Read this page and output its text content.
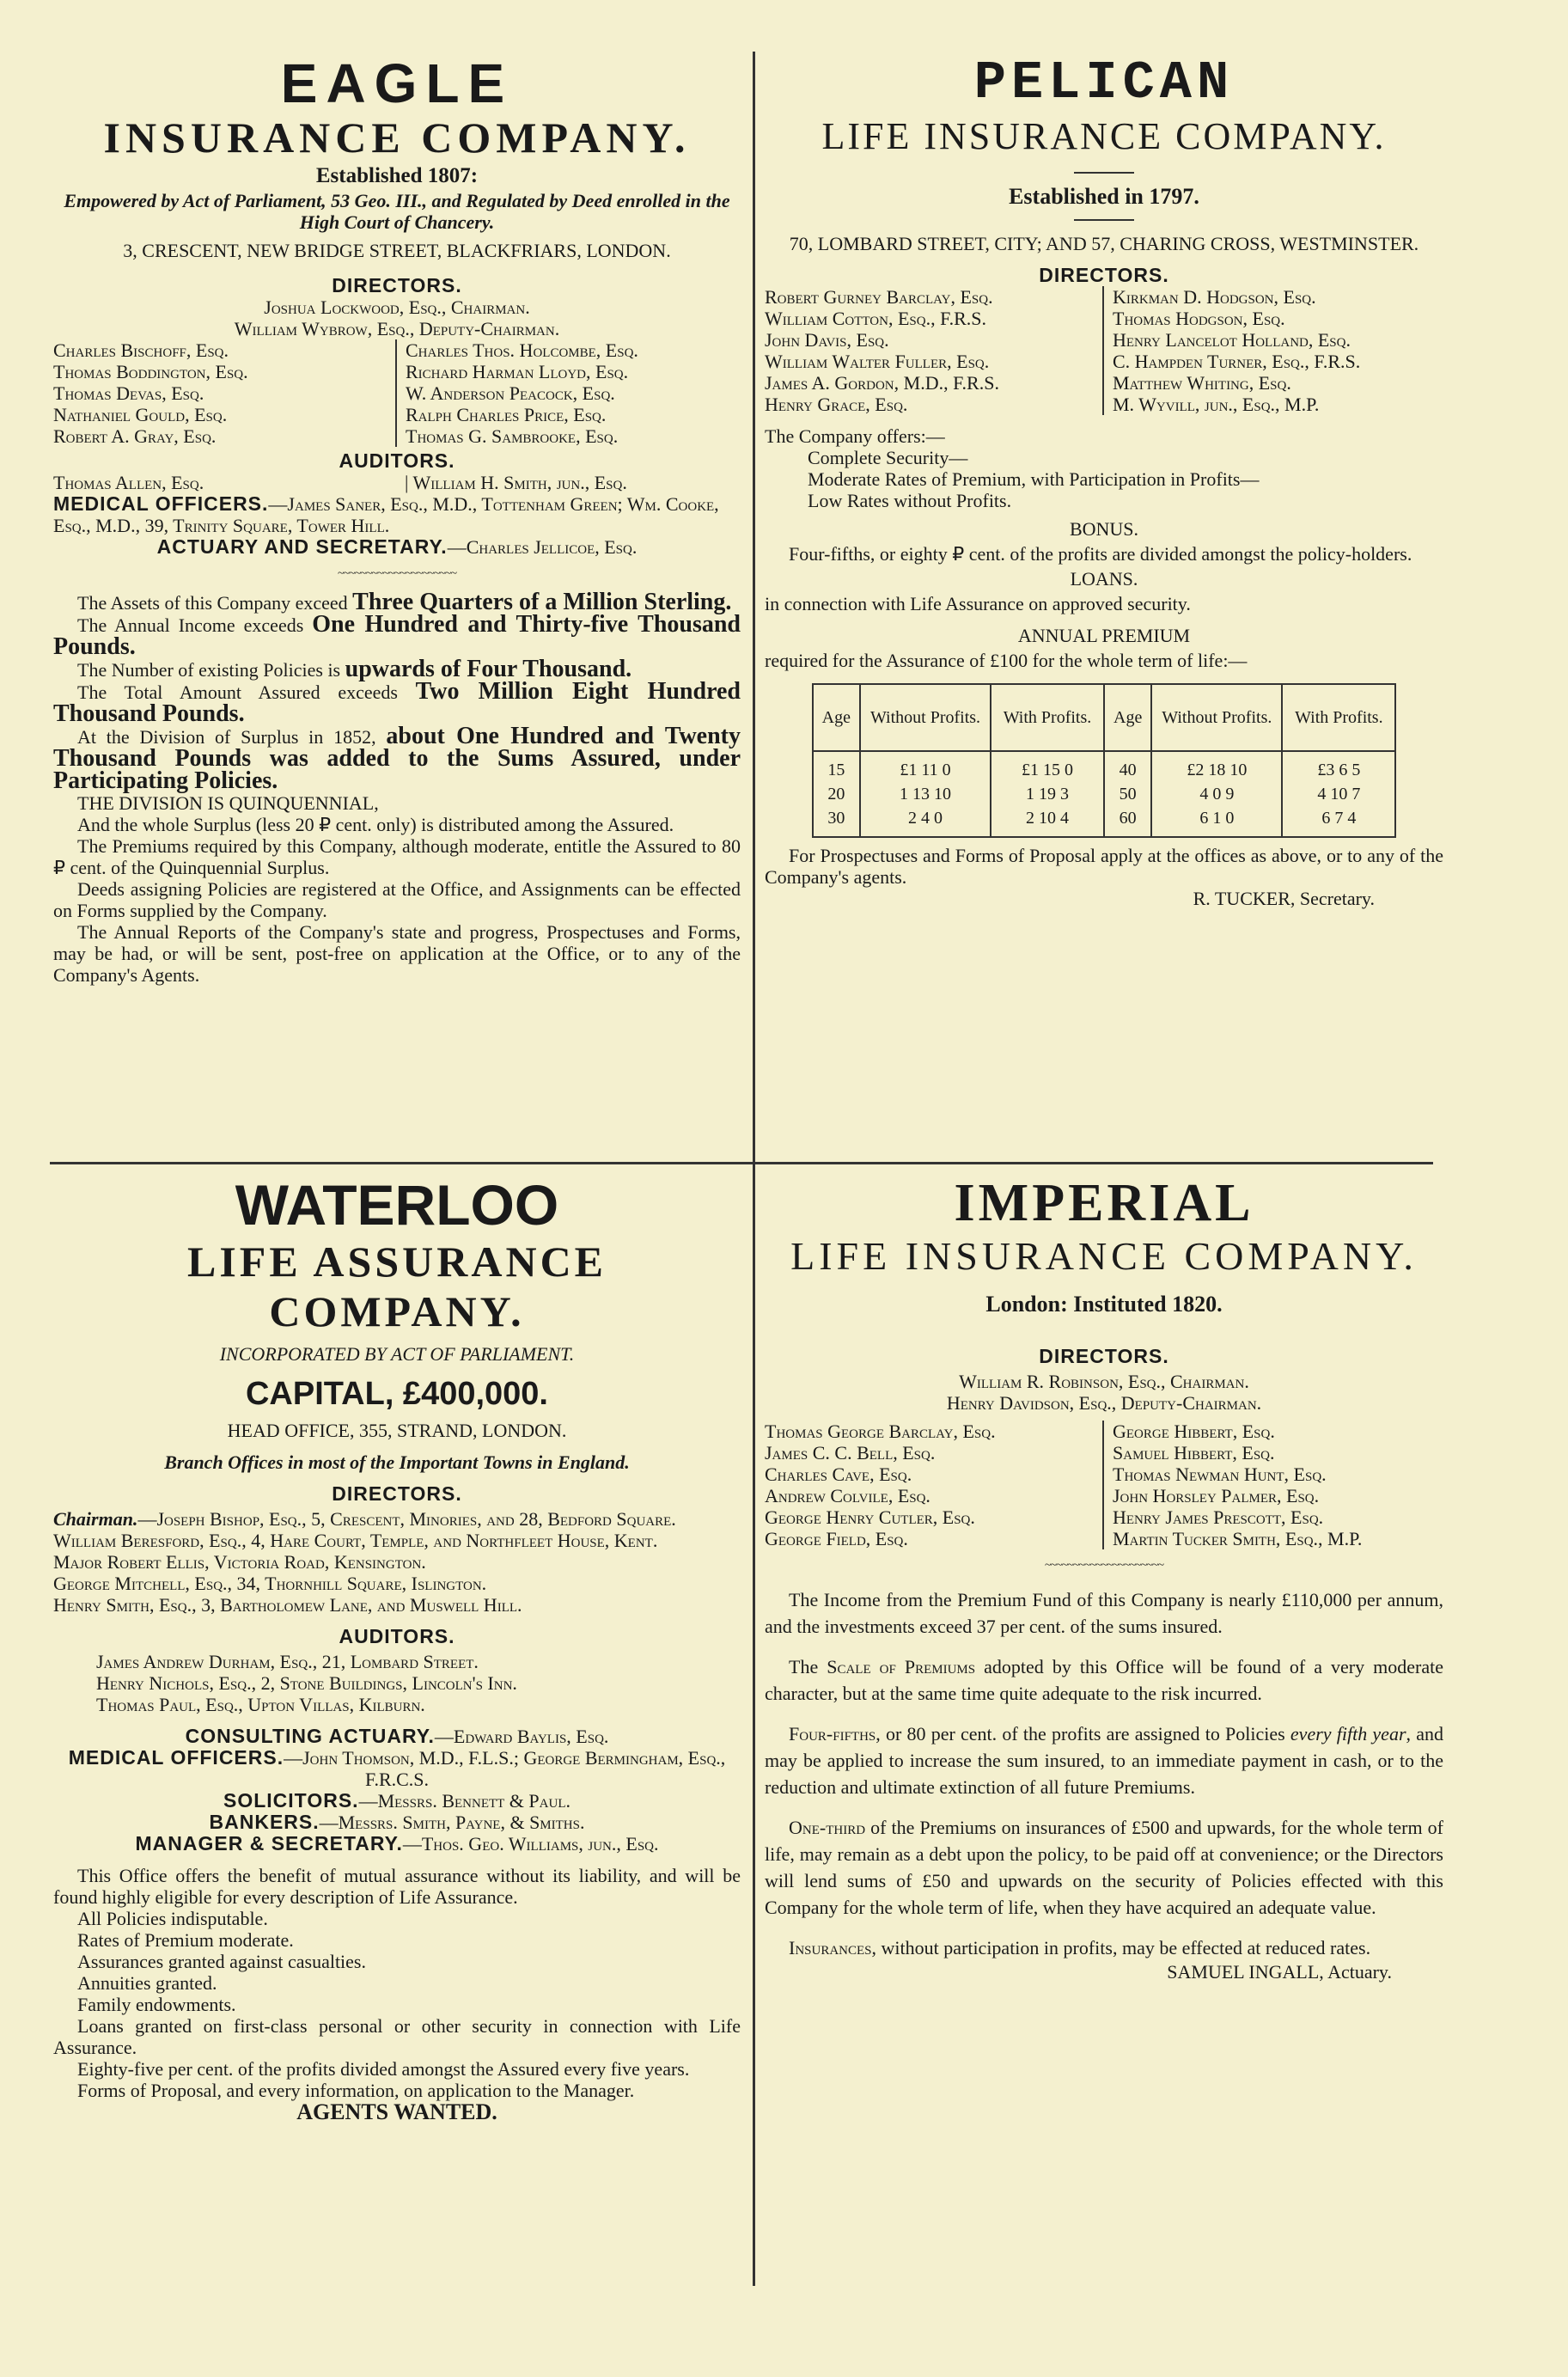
EAGLE
INSURANCE COMPANY.
Established 1807:
Empowered by Act of Parliament, 53 Geo. III., and Regulated by Deed enrolled in the High Court of Chancery.
3, CRESCENT, NEW BRIDGE STREET, BLACKFRIARS, LONDON.
DIRECTORS.
Joshua Lockwood, Esq., Chairman.
William Wybrow, Esq., Deputy-Chairman.
Charles Bischoff, Esq.
Thomas Boddington, Esq.
Thomas Devas, Esq.
Nathaniel Gould, Esq.
Robert A. Gray, Esq.
Charles Thos. Holcombe, Esq.
Richard Harman Lloyd, Esq.
W. Anderson Peacock, Esq.
Ralph Charles Price, Esq.
Thomas G. Sambrooke, Esq.
AUDITORS.
Thomas Allen, Esq.	| William H. Smith, jun., Esq.
MEDICAL OFFICERS.—James Saner, Esq., M.D., Tottenham Green; Wm. Cooke, Esq., M.D., 39, Trinity Square, Tower Hill.
ACTUARY AND SECRETARY.—Charles Jellicoe, Esq.
~~~~~~~~~~~~~~~~~~~~~
The Assets of this Company exceed Three Quarters of a Million Sterling.
The Annual Income exceeds One Hundred and Thirty-five Thousand Pounds.
The Number of existing Policies is upwards of Four Thousand.
The Total Amount Assured exceeds Two Million Eight Hundred Thousand Pounds.
At the Division of Surplus in 1852, about One Hundred and Twenty Thousand Pounds was added to the Sums Assured, under Participating Policies.
THE DIVISION IS QUINQUENNIAL,
And the whole Surplus (less 20 ₽ cent. only) is distributed among the Assured.
The Premiums required by this Company, although moderate, entitle the Assured to 80 ₽ cent. of the Quinquennial Surplus.
Deeds assigning Policies are registered at the Office, and Assignments can be effected on Forms supplied by the Company.
The Annual Reports of the Company's state and progress, Prospectuses and Forms, may be had, or will be sent, post-free on application at the Office, or to any of the Company's Agents.
PELICAN
LIFE INSURANCE COMPANY.
Established in 1797.
70, LOMBARD STREET, CITY; AND 57, CHARING CROSS, WESTMINSTER.
DIRECTORS.
Robert Gurney Barclay, Esq.
William Cotton, Esq., F.R.S.
John Davis, Esq.
William Walter Fuller, Esq.
James A. Gordon, M.D., F.R.S.
Henry Grace, Esq.
Kirkman D. Hodgson, Esq.
Thomas Hodgson, Esq.
Henry Lancelot Holland, Esq.
C. Hampden Turner, Esq., F.R.S.
Matthew Whiting, Esq.
M. Wyvill, jun., Esq., M.P.
The Company offers:—
Complete Security—
Moderate Rates of Premium, with Participation in Profits—
Low Rates without Profits.
BONUS.
Four-fifths, or eighty ₽ cent. of the profits are divided amongst the policy-holders.
LOANS.
in connection with Life Assurance on approved security.
ANNUAL PREMIUM
required for the Assurance of £100 for the whole term of life:—
Age	Without Profits.	With Profits.	Age	Without Profits.	With Profits.
15	£1 11 0	£1 15 0	40	£2 18 10	£3 6 5
20	1 13 10	1 19 3	50	4 0 9	4 10 7
30	2 4 0	2 10 4	60	6 1 0	6 7 4
For Prospectuses and Forms of Proposal apply at the offices as above, or to any of the Company's agents.
R. TUCKER, Secretary.
WATERLOO
LIFE ASSURANCE COMPANY.
INCORPORATED BY ACT OF PARLIAMENT.
CAPITAL, £400,000.
HEAD OFFICE, 355, STRAND, LONDON.
Branch Offices in most of the Important Towns in England.
DIRECTORS.
Chairman.—Joseph Bishop, Esq., 5, Crescent, Minories, and 28, Bedford Square.
William Beresford, Esq., 4, Hare Court, Temple, and Northfleet House, Kent.
Major Robert Ellis, Victoria Road, Kensington.
George Mitchell, Esq., 34, Thornhill Square, Islington.
Henry Smith, Esq., 3, Bartholomew Lane, and Muswell Hill.
AUDITORS.
James Andrew Durham, Esq., 21, Lombard Street.
Henry Nichols, Esq., 2, Stone Buildings, Lincoln's Inn.
Thomas Paul, Esq., Upton Villas, Kilburn.
CONSULTING ACTUARY.—Edward Baylis, Esq.
MEDICAL OFFICERS.—John Thomson, M.D., F.L.S.; George Bermingham, Esq., F.R.C.S.
SOLICITORS.—Messrs. Bennett & Paul.
BANKERS.—Messrs. Smith, Payne, & Smiths.
MANAGER & SECRETARY.—Thos. Geo. Williams, jun., Esq.
This Office offers the benefit of mutual assurance without its liability, and will be found highly eligible for every description of Life Assurance.
All Policies indisputable.
Rates of Premium moderate.
Assurances granted against casualties.
Annuities granted.
Family endowments.
Loans granted on first-class personal or other security in connection with Life Assurance.
Eighty-five per cent. of the profits divided amongst the Assured every five years.
Forms of Proposal, and every information, on application to the Manager.
AGENTS WANTED.
IMPERIAL
LIFE INSURANCE COMPANY.
London: Instituted 1820.
DIRECTORS.
William R. Robinson, Esq., Chairman.
Henry Davidson, Esq., Deputy-Chairman.
Thomas George Barclay, Esq.
James C. C. Bell, Esq.
Charles Cave, Esq.
Andrew Colvile, Esq.
George Henry Cutler, Esq.
George Field, Esq.
George Hibbert, Esq.
Samuel Hibbert, Esq.
Thomas Newman Hunt, Esq.
John Horsley Palmer, Esq.
Henry James Prescott, Esq.
Martin Tucker Smith, Esq., M.P.
~~~~~~~~~~~~~~~~~~~~~
The Income from the Premium Fund of this Company is nearly £110,000 per annum, and the investments exceed 37 per cent. of the sums insured.
The Scale of Premiums adopted by this Office will be found of a very moderate character, but at the same time quite adequate to the risk incurred.
Four-fifths, or 80 per cent. of the profits are assigned to Policies every fifth year, and may be applied to increase the sum insured, to an immediate payment in cash, or to the reduction and ultimate extinction of all future Premiums.
One-third of the Premiums on insurances of £500 and upwards, for the whole term of life, may remain as a debt upon the policy, to be paid off at convenience; or the Directors will lend sums of £50 and upwards on the security of Policies effected with this Company for the whole term of life, when they have acquired an adequate value.
Insurances, without participation in profits, may be effected at reduced rates.
SAMUEL INGALL, Actuary.
